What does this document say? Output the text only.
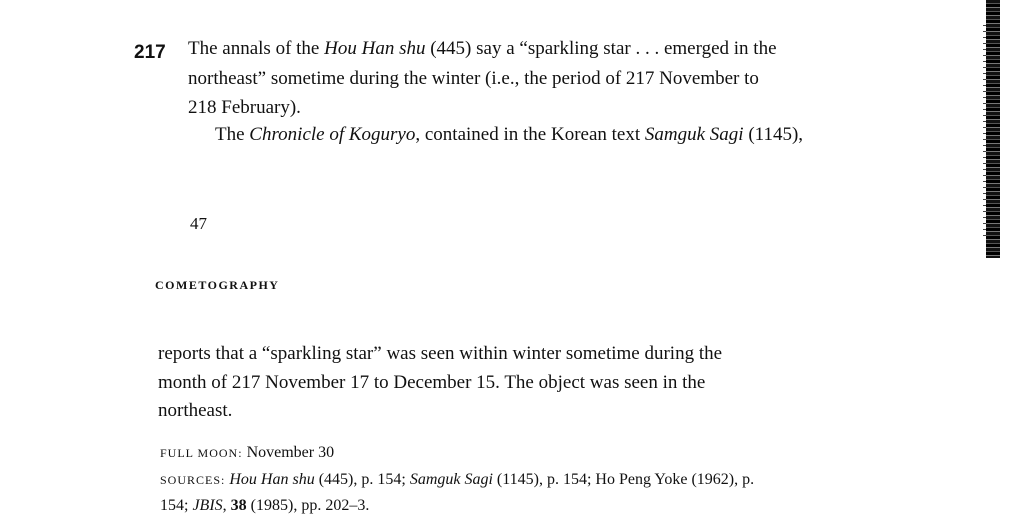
217 The annals of the Hou Han shu (445) say a “sparkling star . . . emerged in the
northeast” sometime during the winter (i.e., the period of 217 November to
218 February).
The Chronicle of Koguryo, contained in the Korean text Samguk Sagi (1145),
47
COMETOGRAPHY
reports that a “sparkling star” was seen within winter sometime during the
month of 217 November 17 to December 15. The object was seen in the
northeast.
FULL MOON: November 30
SOURCES: Hou Han shu (445), p. 154; Samguk Sagi (1145), p. 154; Ho Peng Yoke (1962), p.
154; JBIS, 38 (1985), pp. 202–3.
